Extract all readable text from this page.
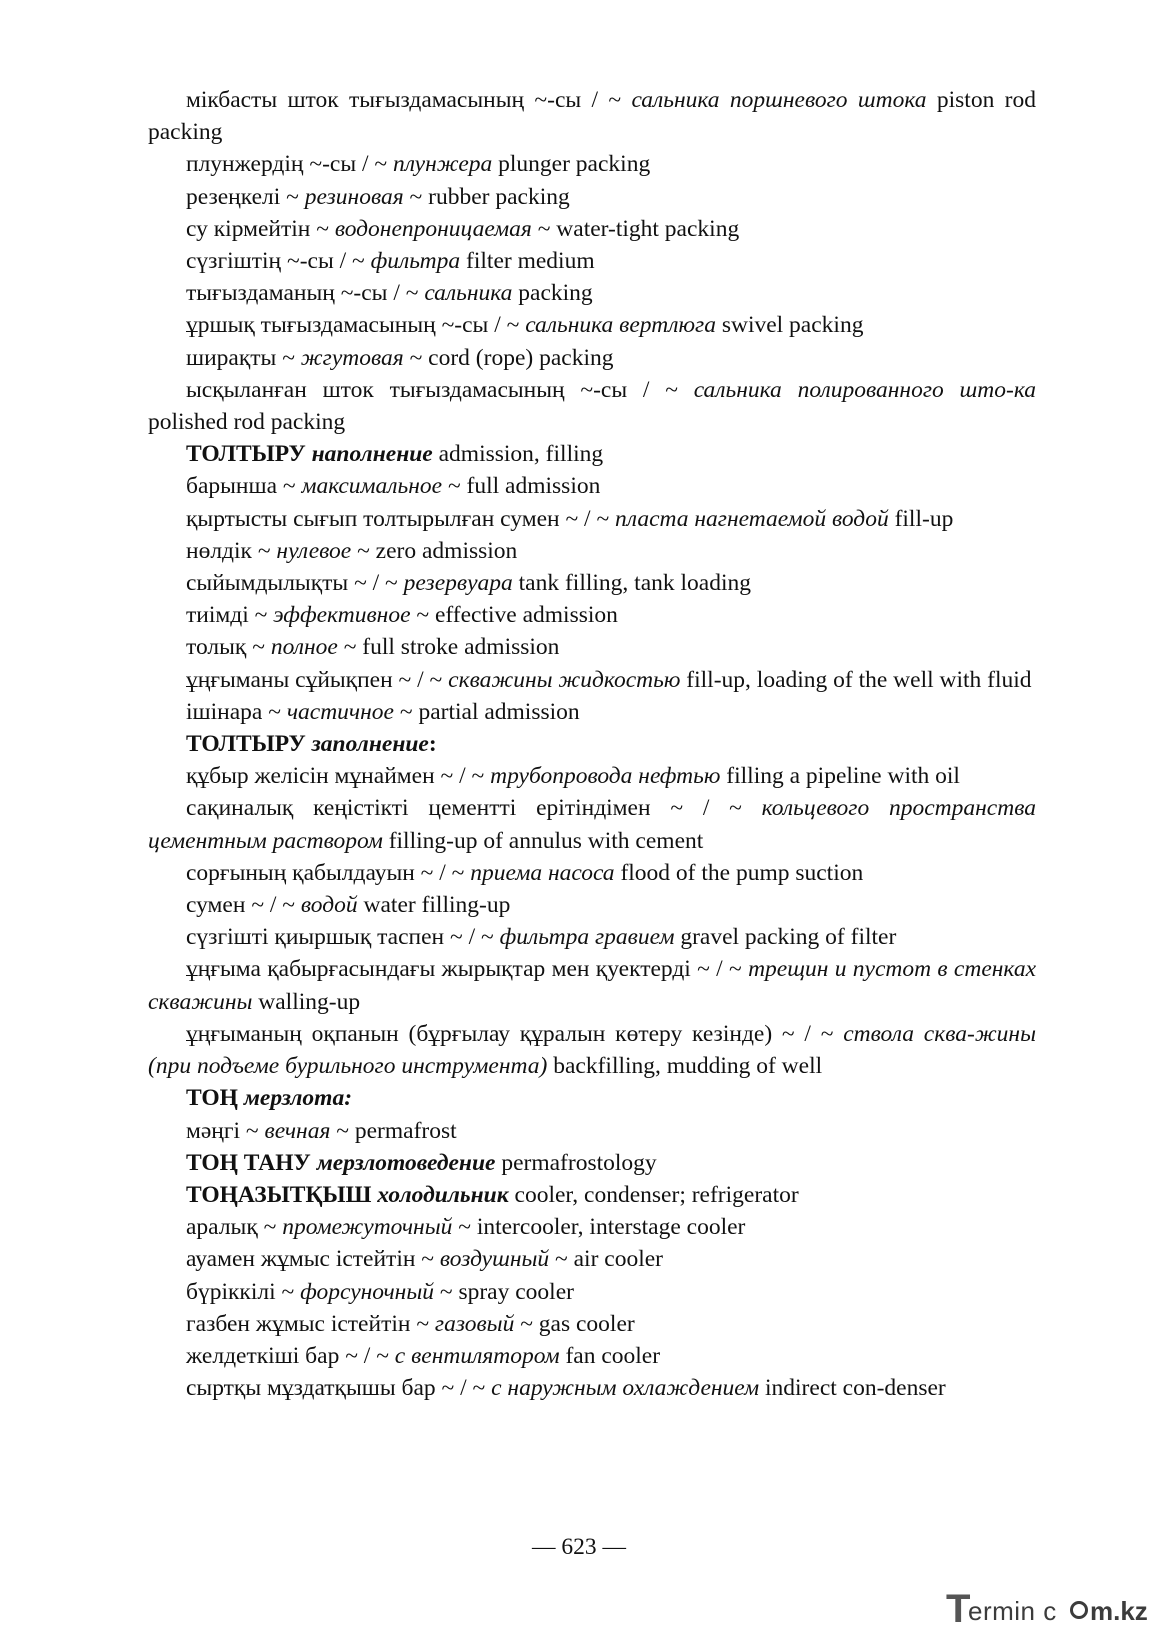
мікбасты шток тығыздамасының ~-сы / ~ сальника поршневого штока piston rod packing

плунжердің ~-сы / ~ плунжера plunger packing

резеңкелі ~ резиновая ~ rubber packing

су кірмейтін ~ водонепроницаемая ~ water-tight packing

сүзгіштің ~-сы / ~ фильтра filter medium

тығыздаманың ~-сы / ~ сальника packing

ұршық тығыздамасының ~-сы / ~ сальника вертлюга swivel packing

ширақты ~ жгутовая ~ cord (rope) packing

ысқыланған шток тығыздамасының ~-сы / ~ сальника полированного што-ка polished rod packing

ТОЛТЫРУ наполнение admission, filling

барынша ~ максимальное ~ full admission

қыртысты сығып толтырылған сумен ~ / ~ пласта нагнетаемой водой fill-up

нөлдік ~ нулевое ~ zero admission

сыйымдылықты ~ / ~ резервуара tank filling, tank loading

тиімді ~ эффективное ~ effective admission

толық ~ полное ~ full stroke admission

ұңғыманы сұйықпен ~ / ~ скважины жидкостью fill-up, loading of the well with fluid

ішінара ~ частичное ~ partial admission

ТОЛТЫРУ заполнение:

құбыр желісін мұнаймен ~ / ~ трубопровода нефтью filling a pipeline with oil

сақиналық кеңістікті цементті ерітіндімен ~ / ~ кольцевого пространства цементным раствором filling-up of annulus with cement

сорғының қабылдауын ~ / ~ приема насоса flood of the pump suction

сумен ~ / ~ водой water filling-up

сүзгішті қиыршық таспен ~ / ~ фильтра гравием gravel packing of filter

ұңғыма қабырғасындағы жырықтар мен қуектерді ~ / ~ трещин и пустот в стенках скважины walling-up

ұңғыманың оқпанын (бұрғылау құралын көтеру кезінде) ~ / ~ ствола сква-жины (при подъеме бурильного инструмента) backfilling, mudding of well

ТОҢ мерзлота:

мәңгі ~ вечная ~ permafrost

ТОҢ ТАНУ мерзлотоведение permafrostology

ТОҢАЗЫТҚЫШ холодильник cooler, condenser; refrigerator

аралық ~ промежуточный ~ intercooler, interstage cooler

ауамен жұмыс істейтін ~ воздушный ~ air cooler

бүріккілі ~ форсуночный ~ spray cooler

газбен жұмыс істейтін ~ газовый ~ gas cooler

желдеткіші бар ~ / ~ с вентилятором fan cooler

сыртқы мұздатқышы бар ~ / ~ с наружным охлаждением indirect con-denser

— 623 —
T
ermin c m.kz
